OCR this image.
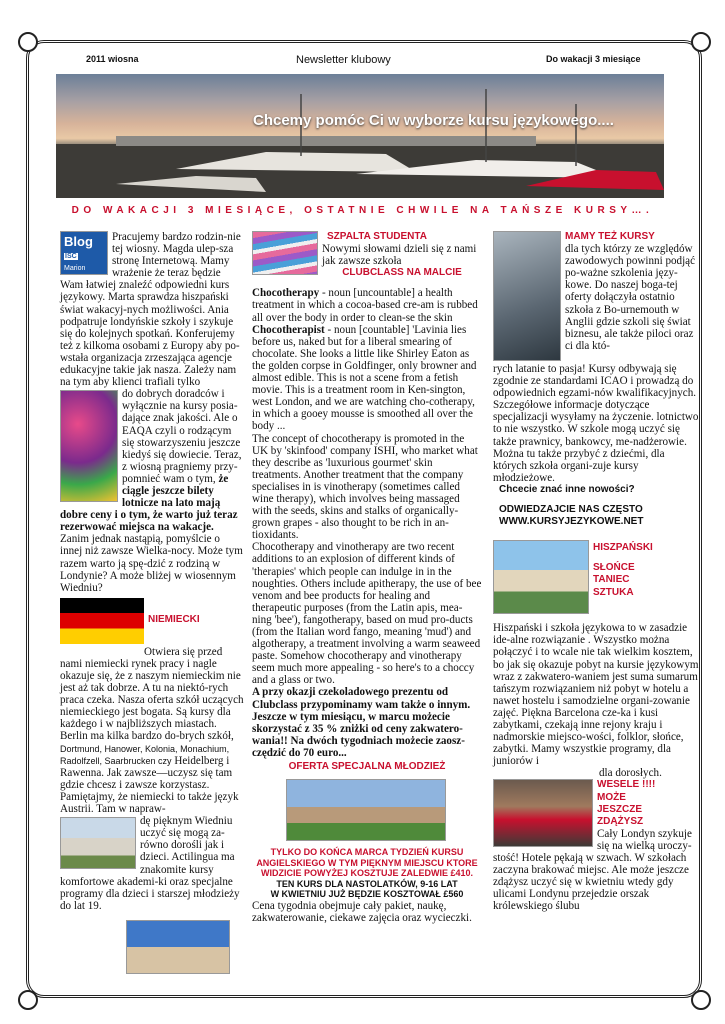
2011 wiosna	Newsletter klubowy	Do wakacji 3 miesiące
Chcemy pomóc Ci w wyborze kursu językowego....
DO WAKACJI 3 MIESIĄCE, OSTATNIE CHWILE NA TAŃSZE KURSY….
Blog ISC
Marion

Pracujemy bardzo rodzin-nie tej wiosny. Magda ulep-sza stronę Internetową. Mamy wrażenie że teraz będzie Wam łatwiej znaleźć odpowiedni kurs językowy. Marta sprawdza hiszpański świat wakacyj-nych możliwości. Ania podpatruje londyńskie szkoły i szykuje się do kolejnych spotkań. Konferujemy też z kilkoma osobami z Europy aby po-wstała organizacja zrzeszająca agencje edukacyjne takie jak nasza. Zależy nam na tym aby klienci trafiali tylko

do dobrych doradców i wyłącznie na kursy posia-dające znak jakości. Ale o EAQA czyli o rodzącym się stowarzyszeniu jeszcze kiedyś się dowiecie. Teraz, z wiosną pragniemy przy-pomnieć wam o tym, że ciągle jeszcze bilety lotnicze na lato mają dobre ceny i o tym, że warto już teraz rezerwować miejsca na wakacje. Zanim jednak nastąpią, pomyślcie o innej niż zawsze Wielka-nocy. Może tym razem warto ją spę-dzić z rodziną w Londynie? A może bliżej w wiosennym Wiedniu?

NIEMIECKI

Otwiera się przed nami niemiecki rynek pracy i nagle okazuje się, że z naszym niemieckim nie jest aż tak dobrze. A tu na niektó-rych praca czeka. Nasza oferta szkół uczących niemieckiego jest bogata. Są kursy dla każdego i w najbliższych miastach. Berlin ma kilka bardzo do-brych szkół, Dortmund, Hanower, Kolonia, Monachium, Radolfzell, Saarbrucken czy Heidelberg i Rawenna. Jak zawsze—uczysz się tam gdzie chcesz i zawsze korzystasz. Pamiętajmy, że niemiecki to także język Austrii. Tam w napraw-

dę pięknym Wiedniu uczyć się mogą za-równo dorośli jak i dzieci. Actilingua ma znakomite kursy komfortowe akademi-ki oraz specjalne programy dla dzieci i starszej młodzieży do lat 19.

SZPALTA STUDENTA

Nowymi słowami dzieli się z nami jak zawsze szkoła

CLUBCLASS NA MALCIE

Chocotherapy - noun [uncountable] a health treatment in which a cocoa-based cre-am is rubbed all over the body in order to clean-se the skin

Chocotherapist - noun [countable] 'Lavinia lies before us, naked but for a liberal smearing of chocolate. She looks a little like Shirley Eaton as the golden corpse in Goldfinger, only browner and almost edible. This is not a scene from a fetish movie. This is a treatment room in Ken-sington, west London, and we are watching cho-cotherapy, in which a gooey mousse is smoothed all over the body ...

The concept of chocotherapy is promoted in the UK by 'skinfood' company ISHI, who market what they describe as 'luxurious gourmet' skin treatments. Another treatment that the company specialises in is vinotherapy (sometimes called wine therapy), which involves being massaged with the seeds, skins and stalks of organically-grown grapes - also thought to be rich in an-tioxidants.

Chocotherapy and vinotherapy are two recent additions to an explosion of different kinds of 'therapies' which people can indulge in in the noughties. Others include apitherapy, the use of bee venom and bee products for healing and therapeutic purposes (from the Latin apis, mea-ning 'bee'), fangotherapy, based on mud pro-ducts (from the Italian word fango, meaning 'mud') and algotherapy, a treatment involving a warm seaweed paste. Somehow chocotherapy and vinotherapy seem much more appealing - so here's to a choccy and a glass or two.

A przy okazji czekoladowego prezentu od Clubclass przypominamy wam także o innym. Jeszcze w tym miesiącu, w marcu możecie skorzystać z 35 % zniżki od ceny zakwatero-wania!! Na dwóch tygodniach możecie zaosz-czędzić do 70 euro...

OFERTA SPECJALNA MŁODZIEŻ
TYLKO DO KOŃCA MARCA TYDZIEŃ KURSU ANGIELSKIEGO W TYM PIĘKNYM MIEJSCU KTORE WIDZICIE POWYŻEJ KOSZTUJE ZALEDWIE £410.
TEN KURS DLA NASTOLATKÓW, 9-16 LAT
W KWIETNIU JUŻ BĘDZIE KOSZTOWAŁ £560

Cena tygodnia obejmuje cały pakiet, naukę, zakwaterowanie, ciekawe zajęcia oraz wycieczki.

MAMY TEŻ KURSY

dla tych którzy ze względów zawodowych powinni podjąć po-ważne szkolenia języ-kowe. Do naszej boga-tej oferty dołączyła ostatnio szkoła z Bo-urnemouth w Anglii gdzie szkoli się świat biznesu, ale także piloci oraz ci dla któ-

rych latanie to pasja! Kursy odbywają się zgodnie ze standardami ICAO i prowadzą do odpowiednich egzami-nów kwalifikacyjnych. Szczegółowe informacje dotyczące specjalizacji wysyłamy na życzenie. lotnictwo to nie wszystko. W szkole mogą uczyć się także prawnicy, bankowcy, me-nadżerowie. Można tu także przybyć z dziećmi, dla których szkoła organi-zuje kursy młodzieżowe.

Chcecie znać inne nowości?

ODWIEDZAJCIE NAS CZĘSTO

WWW.KURSYJEZYKOWE.NET

HISZPAŃSKI
SŁOŃCE
TANIEC
SZTUKA

Hiszpański i szkoła językowa to w zasadzie ide-alne rozwiązanie . Wszystko można połączyć i to wcale nie tak wielkim kosztem, bo jak się okazuje pobyt na kursie językowym wraz z zakwatero-waniem jest suma sumarum tańszym rozwiązaniem niż pobyt w hotelu a nawet hostelu i samodzielne organi-zowanie zajęć. Piękna Barcelona cze-ka i kusi zabytkami, czekają inne rejony kraju i nadmorskie miejsco-wości, folklor, słońce, zabytki. Mamy wszystkie programy, dla juniorów i

dla dorosłych.

WESELE !!!!
MOŻE
JESZCZE
ZDĄŻYSZ

Cały Londyn szykuje się na wielką uroczy-

stość! Hotele pękają w szwach. W szkołach zaczyna brakować miejsc. Ale może jeszcze zdążysz uczyć się w kwietniu wtedy gdy ulicami Londynu przejedzie orszak królewskiego ślubu
